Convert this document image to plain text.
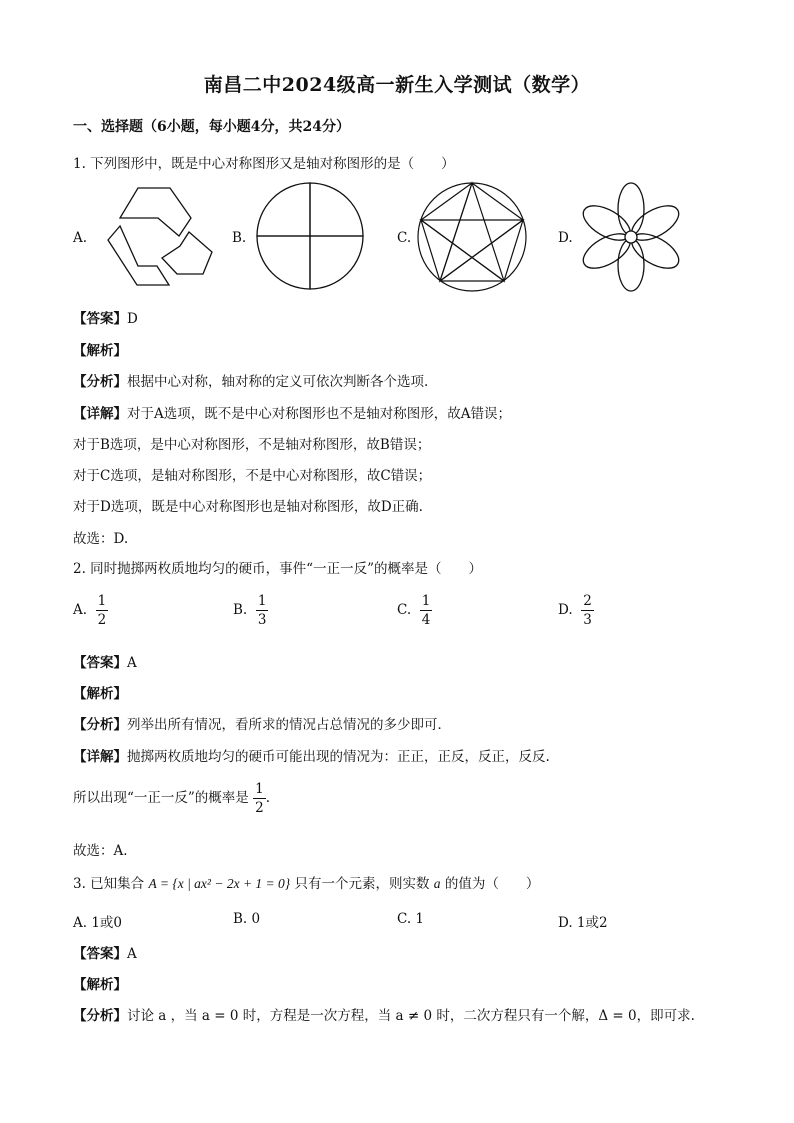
南昌二中2024级高一新生入学测试（数学）
一、选择题（6小题，每小题4分，共24分）
1. 下列图形中，既是中心对称图形又是轴对称图形的是（　　）
A.	B.	C.	D.
【答案】D
【解析】
【分析】根据中心对称，轴对称的定义可依次判断各个选项.
【详解】对于A选项，既不是中心对称图形也不是轴对称图形，故A错误；
对于B选项，是中心对称图形，不是轴对称图形，故B错误；
对于C选项，是轴对称图形，不是中心对称图形，故C错误；
对于D选项，既是中心对称图形也是轴对称图形，故D正确.
故选：D.
2. 同时抛掷两枚质地均匀的硬币，事件“一正一反”的概率是（　　）
A. $\frac{1}{2}$	B. $\frac{1}{3}$	C. $\frac{1}{4}$	D. $\frac{2}{3}$
【答案】A
【解析】
【分析】列举出所有情况，看所求的情况占总情况的多少即可．
【详解】抛掷两枚质地均匀的硬币可能出现的情况为：正正，正反，反正，反反.
所以出现“一正一反”的概率是 $\frac{1}{2}$ .
故选：A.
3. 已知集合 A = {x | ax² − 2x + 1 = 0} 只有一个元素，则实数 a 的值为（　　）
A. 1或0	B. 0	C. 1	D. 1或2
【答案】A
【解析】
【分析】讨论 a ，当 a = 0 时，方程是一次方程，当 a ≠ 0 时，二次方程只有一个解，Δ = 0，即可求.
